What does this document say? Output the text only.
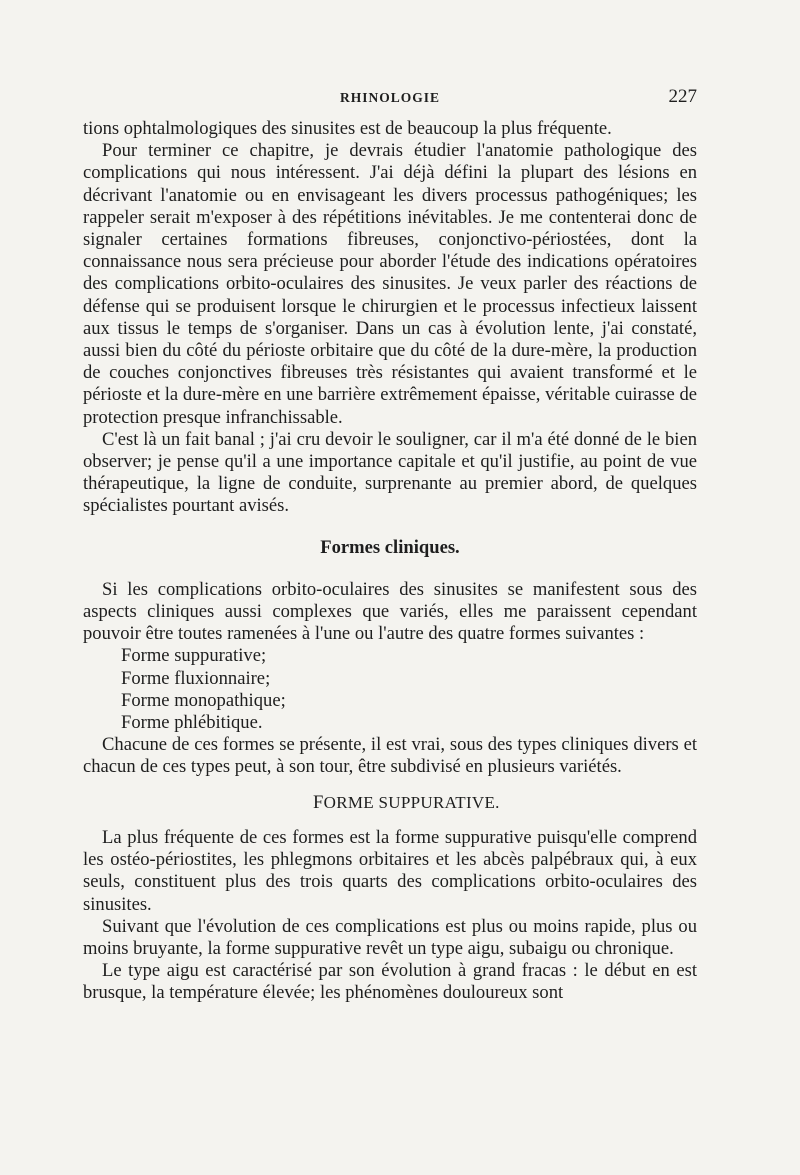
RHINOLOGIE	227

tions ophtalmologiques des sinusites est de beaucoup la plus fréquente.

Pour terminer ce chapitre, je devrais étudier l'anatomie pathologique des complications qui nous intéressent. J'ai déjà défini la plupart des lésions en décrivant l'anatomie ou en envisageant les divers processus pathogéniques; les rappeler serait m'exposer à des répétitions inévitables. Je me contenterai donc de signaler certaines formations fibreuses, conjonctivo-périostées, dont la connaissance nous sera précieuse pour aborder l'étude des indications opératoires des complications orbito-oculaires des sinusites. Je veux parler des réactions de défense qui se produisent lorsque le chirurgien et le processus infectieux laissent aux tissus le temps de s'organiser. Dans un cas à évolution lente, j'ai constaté, aussi bien du côté du périoste orbitaire que du côté de la dure-mère, la production de couches conjonctives fibreuses très résistantes qui avaient transformé et le périoste et la dure-mère en une barrière extrêmement épaisse, véritable cuirasse de protection presque infranchissable.

C'est là un fait banal ; j'ai cru devoir le souligner, car il m'a été donné de le bien observer; je pense qu'il a une importance capitale et qu'il justifie, au point de vue thérapeutique, la ligne de conduite, surprenante au premier abord, de quelques spécialistes pourtant avisés.

Formes cliniques.

Si les complications orbito-oculaires des sinusites se manifestent sous des aspects cliniques aussi complexes que variés, elles me paraissent cependant pouvoir être toutes ramenées à l'une ou l'autre des quatre formes suivantes :

Forme suppurative;
Forme fluxionnaire;
Forme monopathique;
Forme phlébitique.

Chacune de ces formes se présente, il est vrai, sous des types cliniques divers et chacun de ces types peut, à son tour, être subdivisé en plusieurs variétés.

FORME SUPPURATIVE.

La plus fréquente de ces formes est la forme suppurative puisqu'elle comprend les ostéo-périostites, les phlegmons orbitaires et les abcès palpébraux qui, à eux seuls, constituent plus des trois quarts des complications orbito-oculaires des sinusites.

Suivant que l'évolution de ces complications est plus ou moins rapide, plus ou moins bruyante, la forme suppurative revêt un type aigu, subaigu ou chronique.

Le type aigu est caractérisé par son évolution à grand fracas : le début en est brusque, la température élevée; les phénomènes douloureux sont
